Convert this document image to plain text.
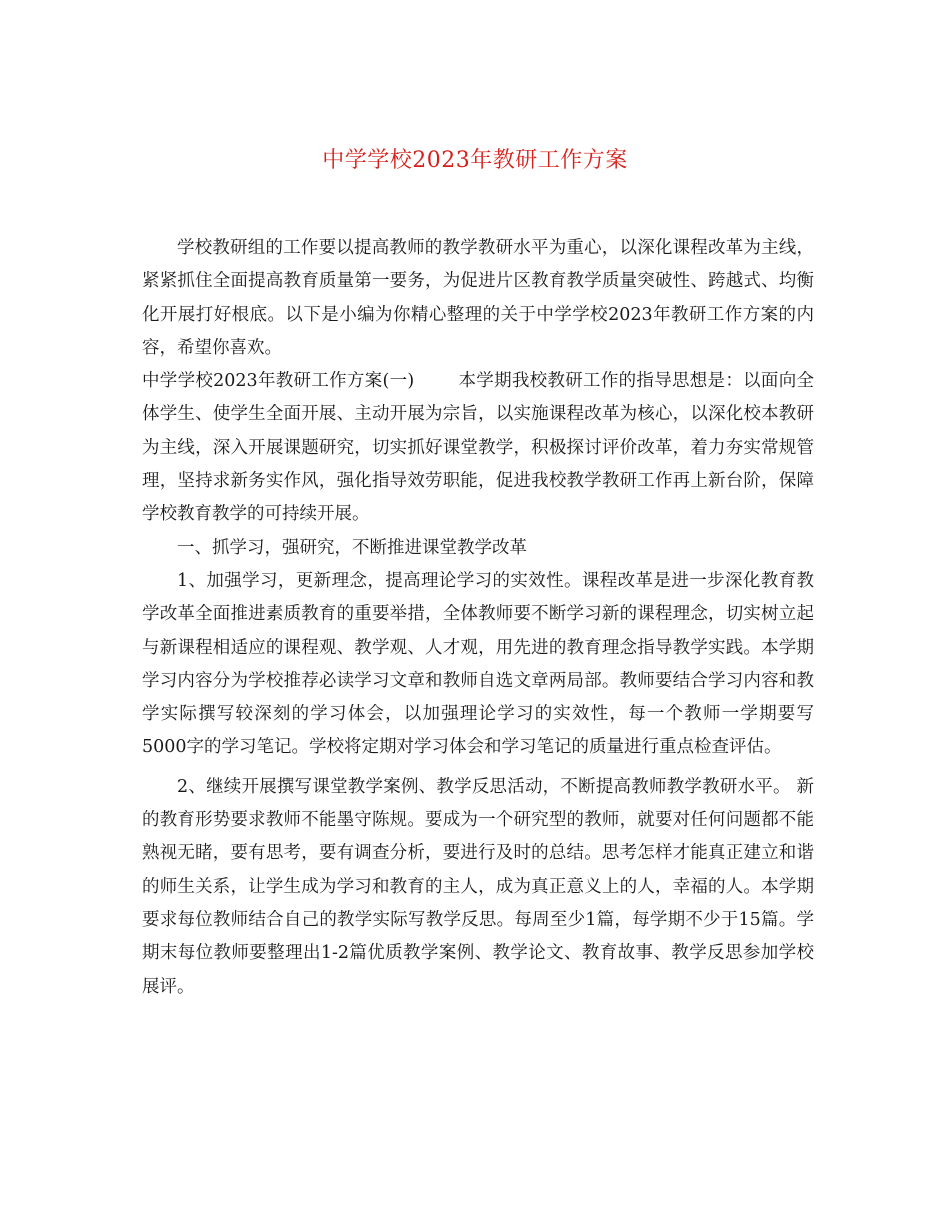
中学学校2023年教研工作方案

学校教研组的工作要以提高教师的教学教研水平为重心，以深化课程改革为主线，紧紧抓住全面提高教育质量第一要务，为促进片区教育教学质量突破性、跨越式、均衡化开展打好根底。以下是小编为你精心整理的关于中学学校2023年教研工作方案的内容，希望你喜欢。

中学学校2023年教研工作方案(一)	本学期我校教研工作的指导思想是：以面向全体学生、使学生全面开展、主动开展为宗旨，以实施课程改革为核心，以深化校本教研为主线，深入开展课题研究，切实抓好课堂教学，积极探讨评价改革，着力夯实常规管理，坚持求新务实作风，强化指导效劳职能，促进我校教学教研工作再上新台阶，保障学校教育教学的可持续开展。

一、抓学习，强研究，不断推进课堂教学改革

1、加强学习，更新理念，提高理论学习的实效性。课程改革是进一步深化教育教学改革全面推进素质教育的重要举措，全体教师要不断学习新的课程理念，切实树立起与新课程相适应的课程观、教学观、人才观，用先进的教育理念指导教学实践。本学期学习内容分为学校推荐必读学习文章和教师自选文章两局部。教师要结合学习内容和教学实际撰写较深刻的学习体会，以加强理论学习的实效性，每一个教师一学期要写5000字的学习笔记。学校将定期对学习体会和学习笔记的质量进行重点检查评估。

2、继续开展撰写课堂教学案例、教学反思活动，不断提高教师教学教研水平。 新的教育形势要求教师不能墨守陈规。要成为一个研究型的教师，就要对任何问题都不能熟视无睹，要有思考，要有调查分析，要进行及时的总结。思考怎样才能真正建立和谐的师生关系，让学生成为学习和教育的主人，成为真正意义上的人，幸福的人。本学期要求每位教师结合自己的教学实际写教学反思。每周至少1篇，每学期不少于15篇。学期末每位教师要整理出1-2篇优质教学案例、教学论文、教育故事、教学反思参加学校展评。
